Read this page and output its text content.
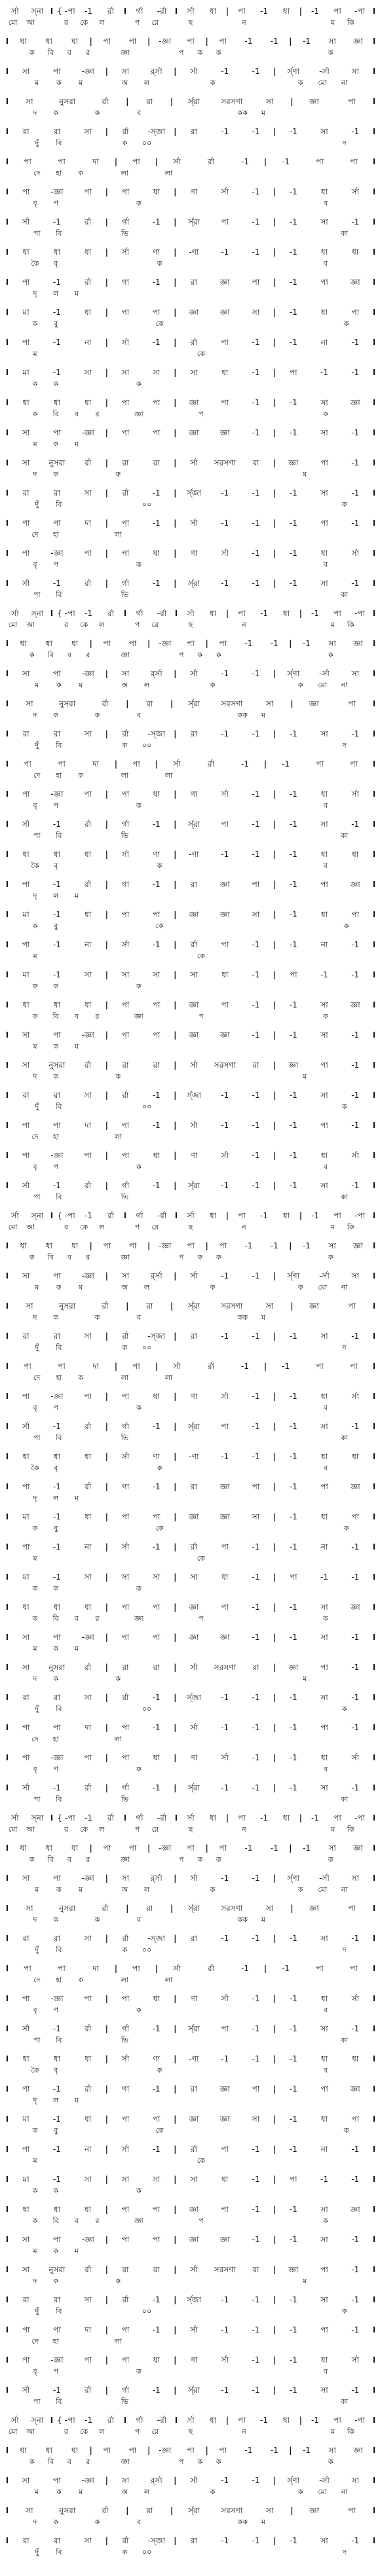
র্সা	স্‌না I { -পা	-1	র্রা	I	র্গা	-র্রা	I	র্সা	ধা	|	পা	-1	ধা	|	-1	পা	-পা I
মো	আ	র	কে	ল	প	রে	ছ	ন	ম	কি
I	ধা	ধা	ধা	|	পা	পা	|	-জ্ঞা	পা	|	পা	-1	-1	|	-1	সা	জ্ঞা	I
ক	বি	ব	র	জ্ঞা	প	ক	ক	ক
I	সা	পা	-জ্ঞা	|	সা	র্র্সা	|	র্সা	-1	-1	|	র্স্‌ণা	-র্সা	সা	I
ম	ক	ম	অ	ল	ক	ক	মো	না
I	সা	নুসরা	র্রা	|	রা	|	র্স্‌রা	সরসণা	সা	|	জ্ঞা	পা	I
দ	ক	ক	ব	কক	ম
I	রা	রা	সা	|	র্রা	-স্‌জা	|	রা	-1	-1	|	-1	সা	-1	I
দুঁ	বি	ক	০০	দ
I	পা	পা	দা	|	পা	|	র্সা	র্রা	-1	|	-1	পা	পা	I
দে	হা	ক	লা	লা
I	পা	-জ্ঞা	পা	|	পা	ধা	|	ণা	র্সা	-1	|	-1	ধা	র্সা	I
বৃ	প	ক	ব
I	র্সা	-1	র্রা	|	র্গা	-1	|	র্স্‌রা	পা	-1	|	-1	সা	-1	I
পা	বি	ভি	কা
I	ধা	ধা	ধা	|	র্সা	ণা	|	-ণা	-1	-1	|	-1	ধা	ধা	I
কৈ	বৃ	ক	ব
I	পা	-1	র্রা	|	গা	-1	|	রা	জ্ঞা	পা	|	-1	পা	জ্ঞা	I
দৃ	ল	ম
I	মা	-1	ধা	|	পা	পা	|	জ্ঞা	জ্ঞা	সা	|	-1	ধা	পা	I
ক	বু	কে	ক
I	পা	-1	না	|	র্সা	-1	|	র্রা	পা	-1	|	-1	না	-1	I
ম	কে
I	মা	-1	সা	|	সা	সা	|	সা	ধা	-1	|	পা	-1	-1	I
ক	ক	ক
I	ধা	ধা	ধা	|	পা	পা	|	জ্ঞা	পা	-1	|	-1	সা	জ্ঞা	I
ক	বি	ব	র	জ্ঞা	প	ক
I	সা	পা	-জ্ঞা	|	পা	পা	|	জ্ঞা	জ্ঞা	-1	|	-1	সা	-1	I
ম	ক	ম
I	সা	নুসরা	র্রা	|	রা	রা	|	র্সা	সরসণা	রা	|	জ্ঞা	পা	-1	I
দ	ক	ক	ম
I	রা	রা	সা	|	র্রা	-1	|	র্স্‌জা	-1	-1	|	-1	সা	-1	I
দুঁ	বি	০০	ক
I	পা	পা	দা	|	পা	-1	|	র্সা	-1	-1	|	-1	পা	-1	I
দে	হা	লা
I	পা	-জ্ঞা	পা	|	পা	ধা	|	ণা	র্সা	-1	|	-1	ধা	র্সা	I
বৃ	প	ক	ব
I	র্সা	-1	র্রা	|	র্গা	-1	|	র্স্‌রা	-1	-1	|	-1	সা	-1	I
পা	বি	ভি	কা
র্সা	স্‌না I { -পা	-1	র্রা	I	র্গা	-র্রা	I	র্সা	ধা	|	পা	-1	ধা	|	-1	পা	-পা I
মো	আ	র	কে	ল	প	রে	ছ	ন	ম	কি
I	ধা	ধা	ধা	|	পা	পা	|	-জ্ঞা	পা	|	পা	-1	-1	|	-1	সা	জ্ঞা	I
ক	বি	ব	র	জ্ঞা	প	ক	ক	ক
I	সা	পা	-জ্ঞা	|	সা	র্র্সা	|	র্সা	-1	-1	|	র্স্‌ণা	-র্সা	সা	I
ম	ক	ম	অ	ল	ক	ক	মো	না
I	সা	নুসরা	র্রা	|	রা	|	র্স্‌রা	সরসণা	সা	|	জ্ঞা	পা	I
দ	ক	ক	ব	কক	ম
I	রা	রা	সা	|	র্রা	-স্‌জা	|	রা	-1	-1	|	-1	সা	-1	I
দুঁ	বি	ক	০০	দ
I	পা	পা	দা	|	পা	|	র্সা	র্রা	-1	|	-1	পা	পা	I
দে	হা	ক	লা	লা
I	পা	-জ্ঞা	পা	|	পা	ধা	|	ণা	র্সা	-1	|	-1	ধা	র্সা	I
বৃ	প	ক	ব
I	র্সা	-1	র্রা	|	র্গা	-1	|	র্স্‌রা	পা	-1	|	-1	সা	-1	I
পা	বি	ভি	কা
I	ধা	ধা	ধা	|	র্সা	ণা	|	-ণা	-1	-1	|	-1	ধা	ধা	I
কৈ	বৃ	ক	ব
I	পা	-1	র্রা	|	গা	-1	|	রা	জ্ঞা	পা	|	-1	পা	জ্ঞা	I
দৃ	ল	ম
I	মা	-1	ধা	|	পা	পা	|	জ্ঞা	জ্ঞা	সা	|	-1	ধা	পা	I
ক	বু	কে	ক
I	পা	-1	না	|	র্সা	-1	|	র্রা	পা	-1	|	-1	না	-1	I
ম	কে
I	মা	-1	সা	|	সা	সা	|	সা	ধা	-1	|	পা	-1	-1	I
ক	ক	ক
I	ধা	ধা	ধা	|	পা	পা	|	জ্ঞা	পা	-1	|	-1	সা	জ্ঞা	I
ক	বি	ব	র	জ্ঞা	প	ক
I	সা	পা	-জ্ঞা	|	পা	পা	|	জ্ঞা	জ্ঞা	-1	|	-1	সা	-1	I
ম	ক	ম
I	সা	নুসরা	র্রা	|	রা	রা	|	র্সা	সরসণা	রা	|	জ্ঞা	পা	-1	I
দ	ক	ক	ম
I	রা	রা	সা	|	র্রা	-1	|	র্স্‌জা	-1	-1	|	-1	সা	-1	I
দুঁ	বি	০০	ক
I	পা	পা	দা	|	পা	-1	|	র্সা	-1	-1	|	-1	পা	-1	I
দে	হা	লা
I	পা	-জ্ঞা	পা	|	পা	ধা	|	ণা	র্সা	-1	|	-1	ধা	র্সা	I
বৃ	প	ক	ব
I	র্সা	-1	র্রা	|	র্গা	-1	|	র্স্‌রা	-1	-1	|	-1	সা	-1	I
পা	বি	ভি	কা
র্সা	স্‌না I { -পা	-1	র্রা	I	র্গা	-র্রা	I	র্সা	ধা	|	পা	-1	ধা	|	-1	পা	-পা I
মো	আ	র	কে	ল	প	রে	ছ	ন	ম	কি
I	ধা	ধা	ধা	|	পা	পা	|	-জ্ঞা	পা	|	পা	-1	-1	|	-1	সা	জ্ঞা	I
ক	বি	ব	র	জ্ঞা	প	ক	ক	ক
I	সা	পা	-জ্ঞা	|	সা	র্র্সা	|	র্সা	-1	-1	|	র্স্‌ণা	-র্সা	সা	I
ম	ক	ম	অ	ল	ক	ক	মো	না
I	সা	নুসরা	র্রা	|	রা	|	র্স্‌রা	সরসণা	সা	|	জ্ঞা	পা	I
দ	ক	ক	ব	কক	ম
I	রা	রা	সা	|	র্রা	-স্‌জা	|	রা	-1	-1	|	-1	সা	-1	I
দুঁ	বি	ক	০০	দ
I	পা	পা	দা	|	পা	|	র্সা	র্রা	-1	|	-1	পা	পা	I
দে	হা	ক	লা	লা
I	পা	-জ্ঞা	পা	|	পা	ধা	|	ণা	র্সা	-1	|	-1	ধা	র্সা	I
বৃ	প	ক	ব
I	র্সা	-1	র্রা	|	র্গা	-1	|	র্স্‌রা	পা	-1	|	-1	সা	-1	I
পা	বি	ভি	কা
I	ধা	ধা	ধা	|	র্সা	ণা	|	-ণা	-1	-1	|	-1	ধা	ধা	I
কৈ	বৃ	ক	ব
I	পা	-1	র্রা	|	গা	-1	|	রা	জ্ঞা	পা	|	-1	পা	জ্ঞা	I
দৃ	ল	ম
I	মা	-1	ধা	|	পা	পা	|	জ্ঞা	জ্ঞা	সা	|	-1	ধা	পা	I
ক	বু	কে	ক
I	পা	-1	না	|	র্সা	-1	|	র্রা	পা	-1	|	-1	না	-1	I
ম	কে
I	মা	-1	সা	|	সা	সা	|	সা	ধা	-1	|	পা	-1	-1	I
ক	ক	ক
I	ধা	ধা	ধা	|	পা	পা	|	জ্ঞা	পা	-1	|	-1	সা	জ্ঞা	I
ক	বি	ব	র	জ্ঞা	প	ক
I	সা	পা	-জ্ঞা	|	পা	পা	|	জ্ঞা	জ্ঞা	-1	|	-1	সা	-1	I
ম	ক	ম
I	সা	নুসরা	র্রা	|	রা	রা	|	র্সা	সরসণা	রা	|	জ্ঞা	পা	-1	I
দ	ক	ক	ম
I	রা	রা	সা	|	র্রা	-1	|	র্স্‌জা	-1	-1	|	-1	সা	-1	I
দুঁ	বি	০০	ক
I	পা	পা	দা	|	পা	-1	|	র্সা	-1	-1	|	-1	পা	-1	I
দে	হা	লা
I	পা	-জ্ঞা	পা	|	পা	ধা	|	ণা	র্সা	-1	|	-1	ধা	র্সা	I
বৃ	প	ক	ব
I	র্সা	-1	র্রা	|	র্গা	-1	|	র্স্‌রা	-1	-1	|	-1	সা	-1	I
পা	বি	ভি	কা
র্সা	স্‌না I { -পা	-1	র্রা	I	র্গা	-র্রা	I	র্সা	ধা	|	পা	-1	ধা	|	-1	পা	-পা I
মো	আ	র	কে	ল	প	রে	ছ	ন	ম	কি
I	ধা	ধা	ধা	|	পা	পা	|	-জ্ঞা	পা	|	পা	-1	-1	|	-1	সা	জ্ঞা	I
ক	বি	ব	র	জ্ঞা	প	ক	ক	ক
I	সা	পা	-জ্ঞা	|	সা	র্র্সা	|	র্সা	-1	-1	|	র্স্‌ণা	-র্সা	সা	I
ম	ক	ম	অ	ল	ক	ক	মো	না
I	সা	নুসরা	র্রা	|	রা	|	র্স্‌রা	সরসণা	সা	|	জ্ঞা	পা	I
দ	ক	ক	ব	কক	ম
I	রা	রা	সা	|	র্রা	-স্‌জা	|	রা	-1	-1	|	-1	সা	-1	I
দুঁ	বি	ক	০০	দ
I	পা	পা	দা	|	পা	|	র্সা	র্রা	-1	|	-1	পা	পা	I
দে	হা	ক	লা	লা
I	পা	-জ্ঞা	পা	|	পা	ধা	|	ণা	র্সা	-1	|	-1	ধা	র্সা	I
বৃ	প	ক	ব
I	র্সা	-1	র্রা	|	র্গা	-1	|	র্স্‌রা	পা	-1	|	-1	সা	-1	I
পা	বি	ভি	কা
I	ধা	ধা	ধা	|	র্সা	ণা	|	-ণা	-1	-1	|	-1	ধা	ধা	I
কৈ	বৃ	ক	ব
I	পা	-1	র্রা	|	গা	-1	|	রা	জ্ঞা	পা	|	-1	পা	জ্ঞা	I
দৃ	ল	ম
I	মা	-1	ধা	|	পা	পা	|	জ্ঞা	জ্ঞা	সা	|	-1	ধা	পা	I
ক	বু	কে	ক
I	পা	-1	না	|	র্সা	-1	|	র্রা	পা	-1	|	-1	না	-1	I
ম	কে
I	মা	-1	সা	|	সা	সা	|	সা	ধা	-1	|	পা	-1	-1	I
ক	ক	ক
I	ধা	ধা	ধা	|	পা	পা	|	জ্ঞা	পা	-1	|	-1	সা	জ্ঞা	I
ক	বি	ব	র	জ্ঞা	প	ক
I	সা	পা	-জ্ঞা	|	পা	পা	|	জ্ঞা	জ্ঞা	-1	|	-1	সা	-1	I
ম	ক	ম
I	সা	নুসরা	র্রা	|	রা	রা	|	র্সা	সরসণা	রা	|	জ্ঞা	পা	-1	I
দ	ক	ক	ম
I	রা	রা	সা	|	র্রা	-1	|	র্স্‌জা	-1	-1	|	-1	সা	-1	I
দুঁ	বি	০০	ক
I	পা	পা	দা	|	পা	-1	|	র্সা	-1	-1	|	-1	পা	-1	I
দে	হা	লা
I	পা	-জ্ঞা	পা	|	পা	ধা	|	ণা	র্সা	-1	|	-1	ধা	র্সা	I
বৃ	প	ক	ব
I	র্সা	-1	র্রা	|	র্গা	-1	|	র্স্‌রা	-1	-1	|	-1	সা	-1	I
পা	বি	ভি	কা
র্সা	স্‌না I { -পা	-1	র্রা	I	র্গা	-র্রা	I	র্সা	ধা	|	পা	-1	ধা	|	-1	পা	-পা I
মো	আ	র	কে	ল	প	রে	ছ	ন	ম	কি
I	ধা	ধা	ধা	|	পা	পা	|	-জ্ঞা	পা	|	পা	-1	-1	|	-1	সা	জ্ঞা	I
ক	বি	ব	র	জ্ঞা	প	ক	ক	ক
I	সা	পা	-জ্ঞা	|	সা	র্র্সা	|	র্সা	-1	-1	|	র্স্‌ণা	-র্সা	সা	I
ম	ক	ম	অ	ল	ক	ক	মো	না
I	সা	নুসরা	র্রা	|	রা	|	র্স্‌রা	সরসণা	সা	|	জ্ঞা	পা	I
দ	ক	ক	ব	কক	ম
I	রা	রা	সা	|	র্রা	-স্‌জা	|	রা	-1	-1	|	-1	সা	-1	I
দুঁ	বি	ক	০০	দ
